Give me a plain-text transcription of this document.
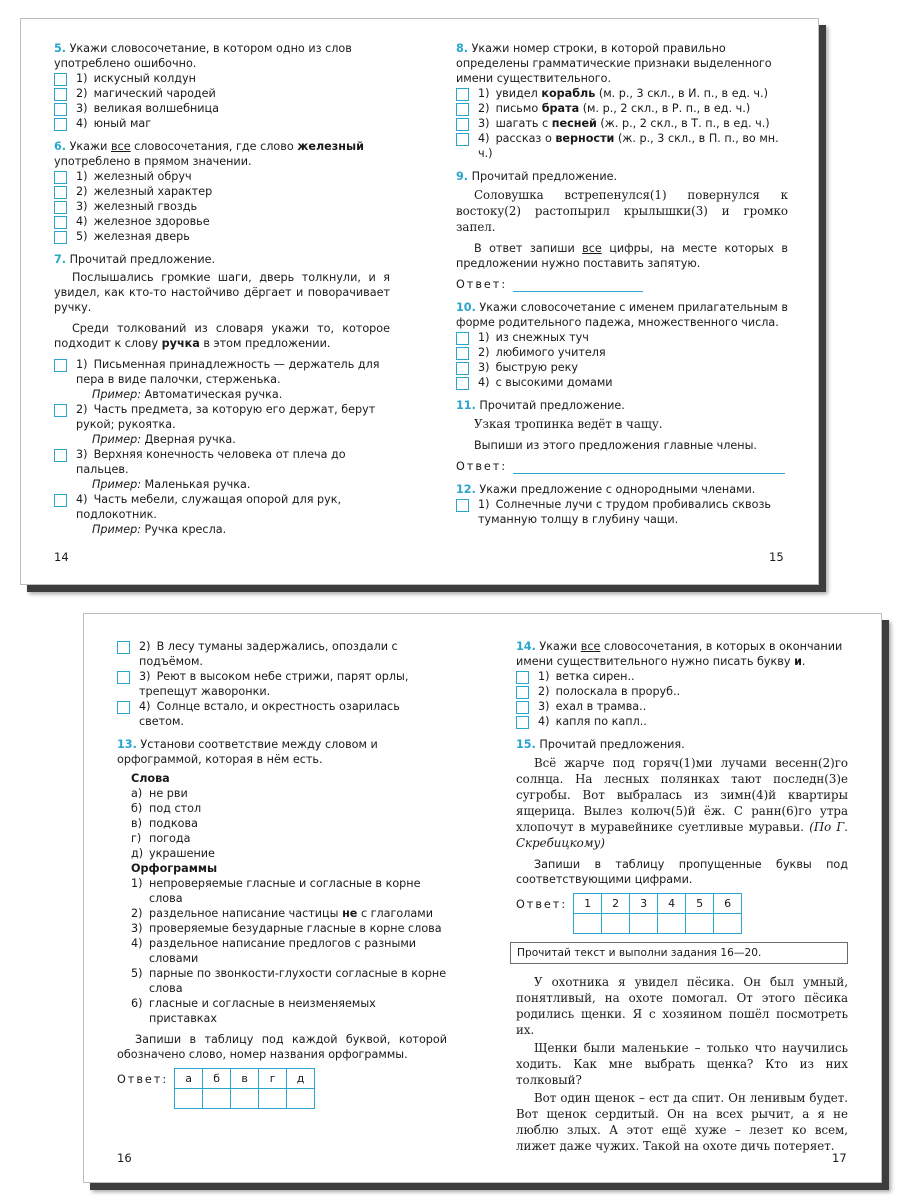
5. Укажи словосочетание, в котором одно из слов употреблено ошибочно.
1) искусный колдун
2) магический чародей
3) великая волшебница
4) юный маг
6. Укажи все словосочетания, где слово железный употреблено в прямом значении.
1) железный обруч
2) железный характер
3) железный гвоздь
4) железное здоровье
5) железная дверь
7. Прочитай предложение.
Послышались громкие шаги, дверь толкнули, и я увидел, как кто-то настойчиво дёргает и поворачивает ручку.
Среди толкований из словаря укажи то, которое подходит к слову ручка в этом предложении.
1) Письменная принадлежность — держатель для пера в виде палочки, стерженька.
Пример: Автоматическая ручка.
2) Часть предмета, за которую его держат, берут рукой; рукоятка.
Пример: Дверная ручка.
3) Верхняя конечность человека от плеча до пальцев.
Пример: Маленькая ручка.
4) Часть мебели, служащая опорой для рук, подлокотник.
Пример: Ручка кресла.
14
8. Укажи номер строки, в которой правильно определены грамматические признаки выделенного имени существительного.
1) увидел корабль (м. р., 3 скл., в И. п., в ед. ч.)
2) письмо брата (м. р., 2 скл., в Р. п., в ед. ч.)
3) шагать с песней (ж. р., 2 скл., в Т. п., в ед. ч.)
4) рассказ о верности (ж. р., 3 скл., в П. п., во мн. ч.)
9. Прочитай предложение.
Соловушка встрепенулся(1) повернулся к востоку(2) растопырил крылышки(3) и громко запел.
В ответ запиши все цифры, на месте которых в предложении нужно поставить запятую.
Ответ:
10. Укажи словосочетание с именем прилагательным в форме родительного падежа, множественного числа.
1) из снежных туч
2) любимого учителя
3) быструю реку
4) с высокими домами
11. Прочитай предложение.
Узкая тропинка ведёт в чащу.
Выпиши из этого предложения главные члены.
Ответ:
12. Укажи предложение с однородными членами.
1) Солнечные лучи с трудом пробивались сквозь туманную толщу в глубину чащи.
15
2) В лесу туманы задержались, опоздали с подъёмом.
3) Реют в высоком небе стрижи, парят орлы, трепещут жаворонки.
4) Солнце встало, и окрестность озарилась светом.
13. Установи соответствие между словом и орфограммой, которая в нём есть.
Слова
а) не рви
б) под стол
в) подкова
г) погода
д) украшение
Орфограммы
1) непроверяемые гласные и согласные в корне слова
2) раздельное написание частицы не с глаголами
3) проверяемые безударные гласные в корне слова
4) раздельное написание предлогов с разными словами
5) парные по звонкости-глухости согласные в корне слова
6) гласные и согласные в неизменяемых приставках
Запиши в таблицу под каждой буквой, которой обозначено слово, номер названия орфограммы.
Ответ: а	б	в	г	д

16
14. Укажи все словосочетания, в которых в окончании имени существительного нужно писать букву и.
1) ветка сирен..
2) полоскала в проруб..
3) ехал в трамва..
4) капля по капл..
15. Прочитай предложения.
Всё жарче под горяч(1)ми лучами весенн(2)го солнца. На лесных полянках тают последн(3)е сугробы. Вот выбралась из зимн(4)й квартиры ящерица. Вылез колюч(5)й ёж. С ранн(6)го утра хлопочут в муравейнике суетливые муравьи. (По Г. Скребицкому)
Запиши в таблицу пропущенные буквы под соответствующими цифрами.
Ответ: 1	2	3	4	5	6

Прочитай текст и выполни задания 16—20.
У охотника я увидел пёсика. Он был умный, понятливый, на охоте помогал. От этого пёсика родились щенки. Я с хозяином пошёл посмотреть их.
Щенки были маленькие – только что научились ходить. Как мне выбрать щенка? Кто из них толковый?
Вот один щенок – ест да спит. Он ленивым будет. Вот щенок сердитый. Он на всех рычит, а я не люблю злых. А этот ещё хуже – лезет ко всем, лижет даже чужих. Такой на охоте дичь потеряет.
17
